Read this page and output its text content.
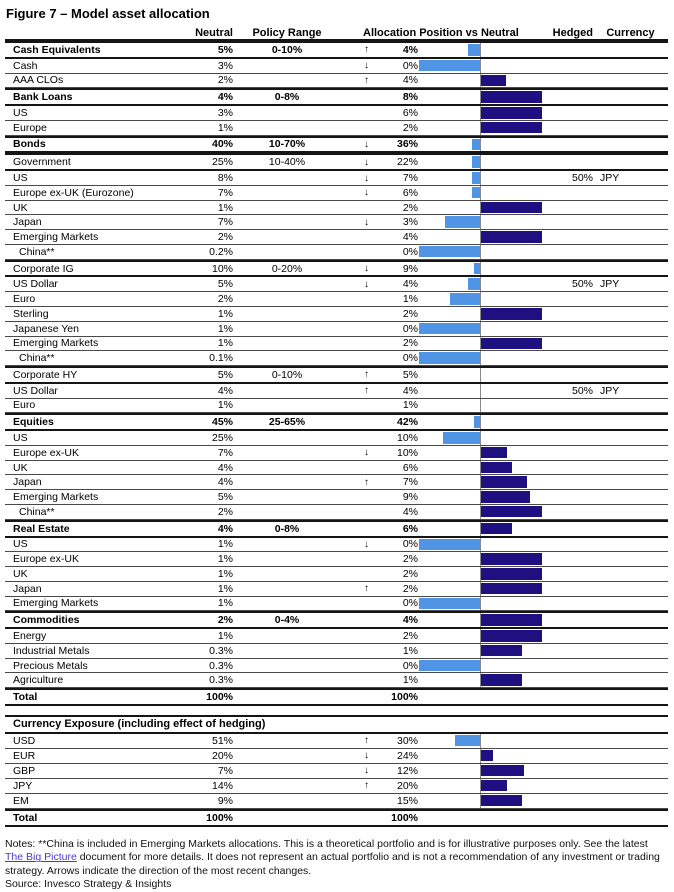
Figure 7 – Model asset allocation
Neutral	Policy Range	Allocation Position vs Neutral	Hedged	Currency
Cash Equivalents	5%	0-10%	↑	4%
Cash	3%	↓	0%
AAA CLOs	2%	↑	4%
Bank Loans	4%	0-8%	8%
US	3%	6%
Europe	1%	2%
Bonds	40%	10-70%	↓	36%
Government	25%	10-40%	↓	22%
US	8%	↓	7%	50% JPY
Europe ex-UK (Eurozone)	7%	↓	6%
UK	1%	2%
Japan	7%	↓	3%
Emerging Markets	2%	4%
China**	0.2%	0%
Corporate IG	10%	0-20%	↓	9%
US Dollar	5%	↓	4%	50% JPY
Euro	2%	1%
Sterling	1%	2%
Japanese Yen	1%	0%
Emerging Markets	1%	2%
China**	0.1%	0%
Corporate HY	5%	0-10%	↑	5%
US Dollar	4%	↑	4%	50% JPY
Euro	1%	1%
Equities	45%	25-65%	42%
US	25%	10%
Europe ex-UK	7%	↓	10%
UK	4%	6%
Japan	4%	↑	7%
Emerging Markets	5%	9%
China**	2%	4%
Real Estate	4%	0-8%	6%
US	1%	↓	0%
Europe ex-UK	1%	2%
UK	1%	2%
Japan	1%	↑	2%
Emerging Markets	1%	0%
Commodities	2%	0-4%	4%
Energy	1%	2%
Industrial Metals	0.3%	1%
Precious Metals	0.3%	0%
Agriculture	0.3%	1%
Total	100%	100%
Currency Exposure (including effect of hedging)
USD	51%	↑	30%
EUR	20%	↓	24%
GBP	7%	↓	12%
JPY	14%	↑	20%
EM	9%	15%
Total	100%	100%
Notes: **China is included in Emerging Markets allocations. This is a theoretical portfolio and is for illustrative purposes only. See the latest The Big Picture document for more details. It does not represent an actual portfolio and is not a recommendation of any investment or trading strategy. Arrows indicate the direction of the most recent changes.
Source: Invesco Strategy & Insights
